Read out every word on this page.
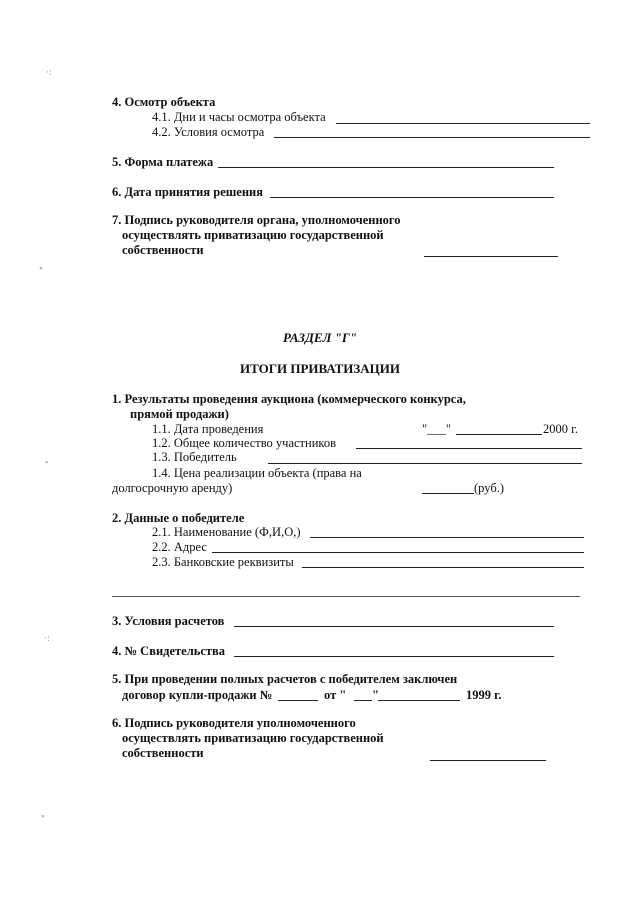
·:
⋆
⋆
·:
⋆
4. Осмотр объекта
4.1. Дни и часы осмотра объекта
4.2. Условия осмотра
5. Форма платежа
6. Дата принятия решения
7. Подпись руководителя органа, уполномоченного
осуществлять приватизацию государственной
собственности
РАЗДЕЛ "Г"
ИТОГИ ПРИВАТИЗАЦИИ
1. Результаты проведения аукциона (коммерческого конкурса,
прямой продажи)
1.1. Дата проведения	"___"	2000 г.
1.2. Общее количество участников
1.3. Победитель
1.4. Цена реализации объекта (права на
долгосрочную аренду)	(руб.)
2. Данные о победителе
2.1. Наименование (Ф,И,О,)
2.2. Адрес
2.3. Банковские реквизиты
3. Условия расчетов
4. № Свидетельства
5. При проведении полных расчетов с победителем заключен
договор купли-продажи №	от " "	1999 г.
6. Подпись руководителя уполномоченного
осуществлять приватизацию государственной
собственности
